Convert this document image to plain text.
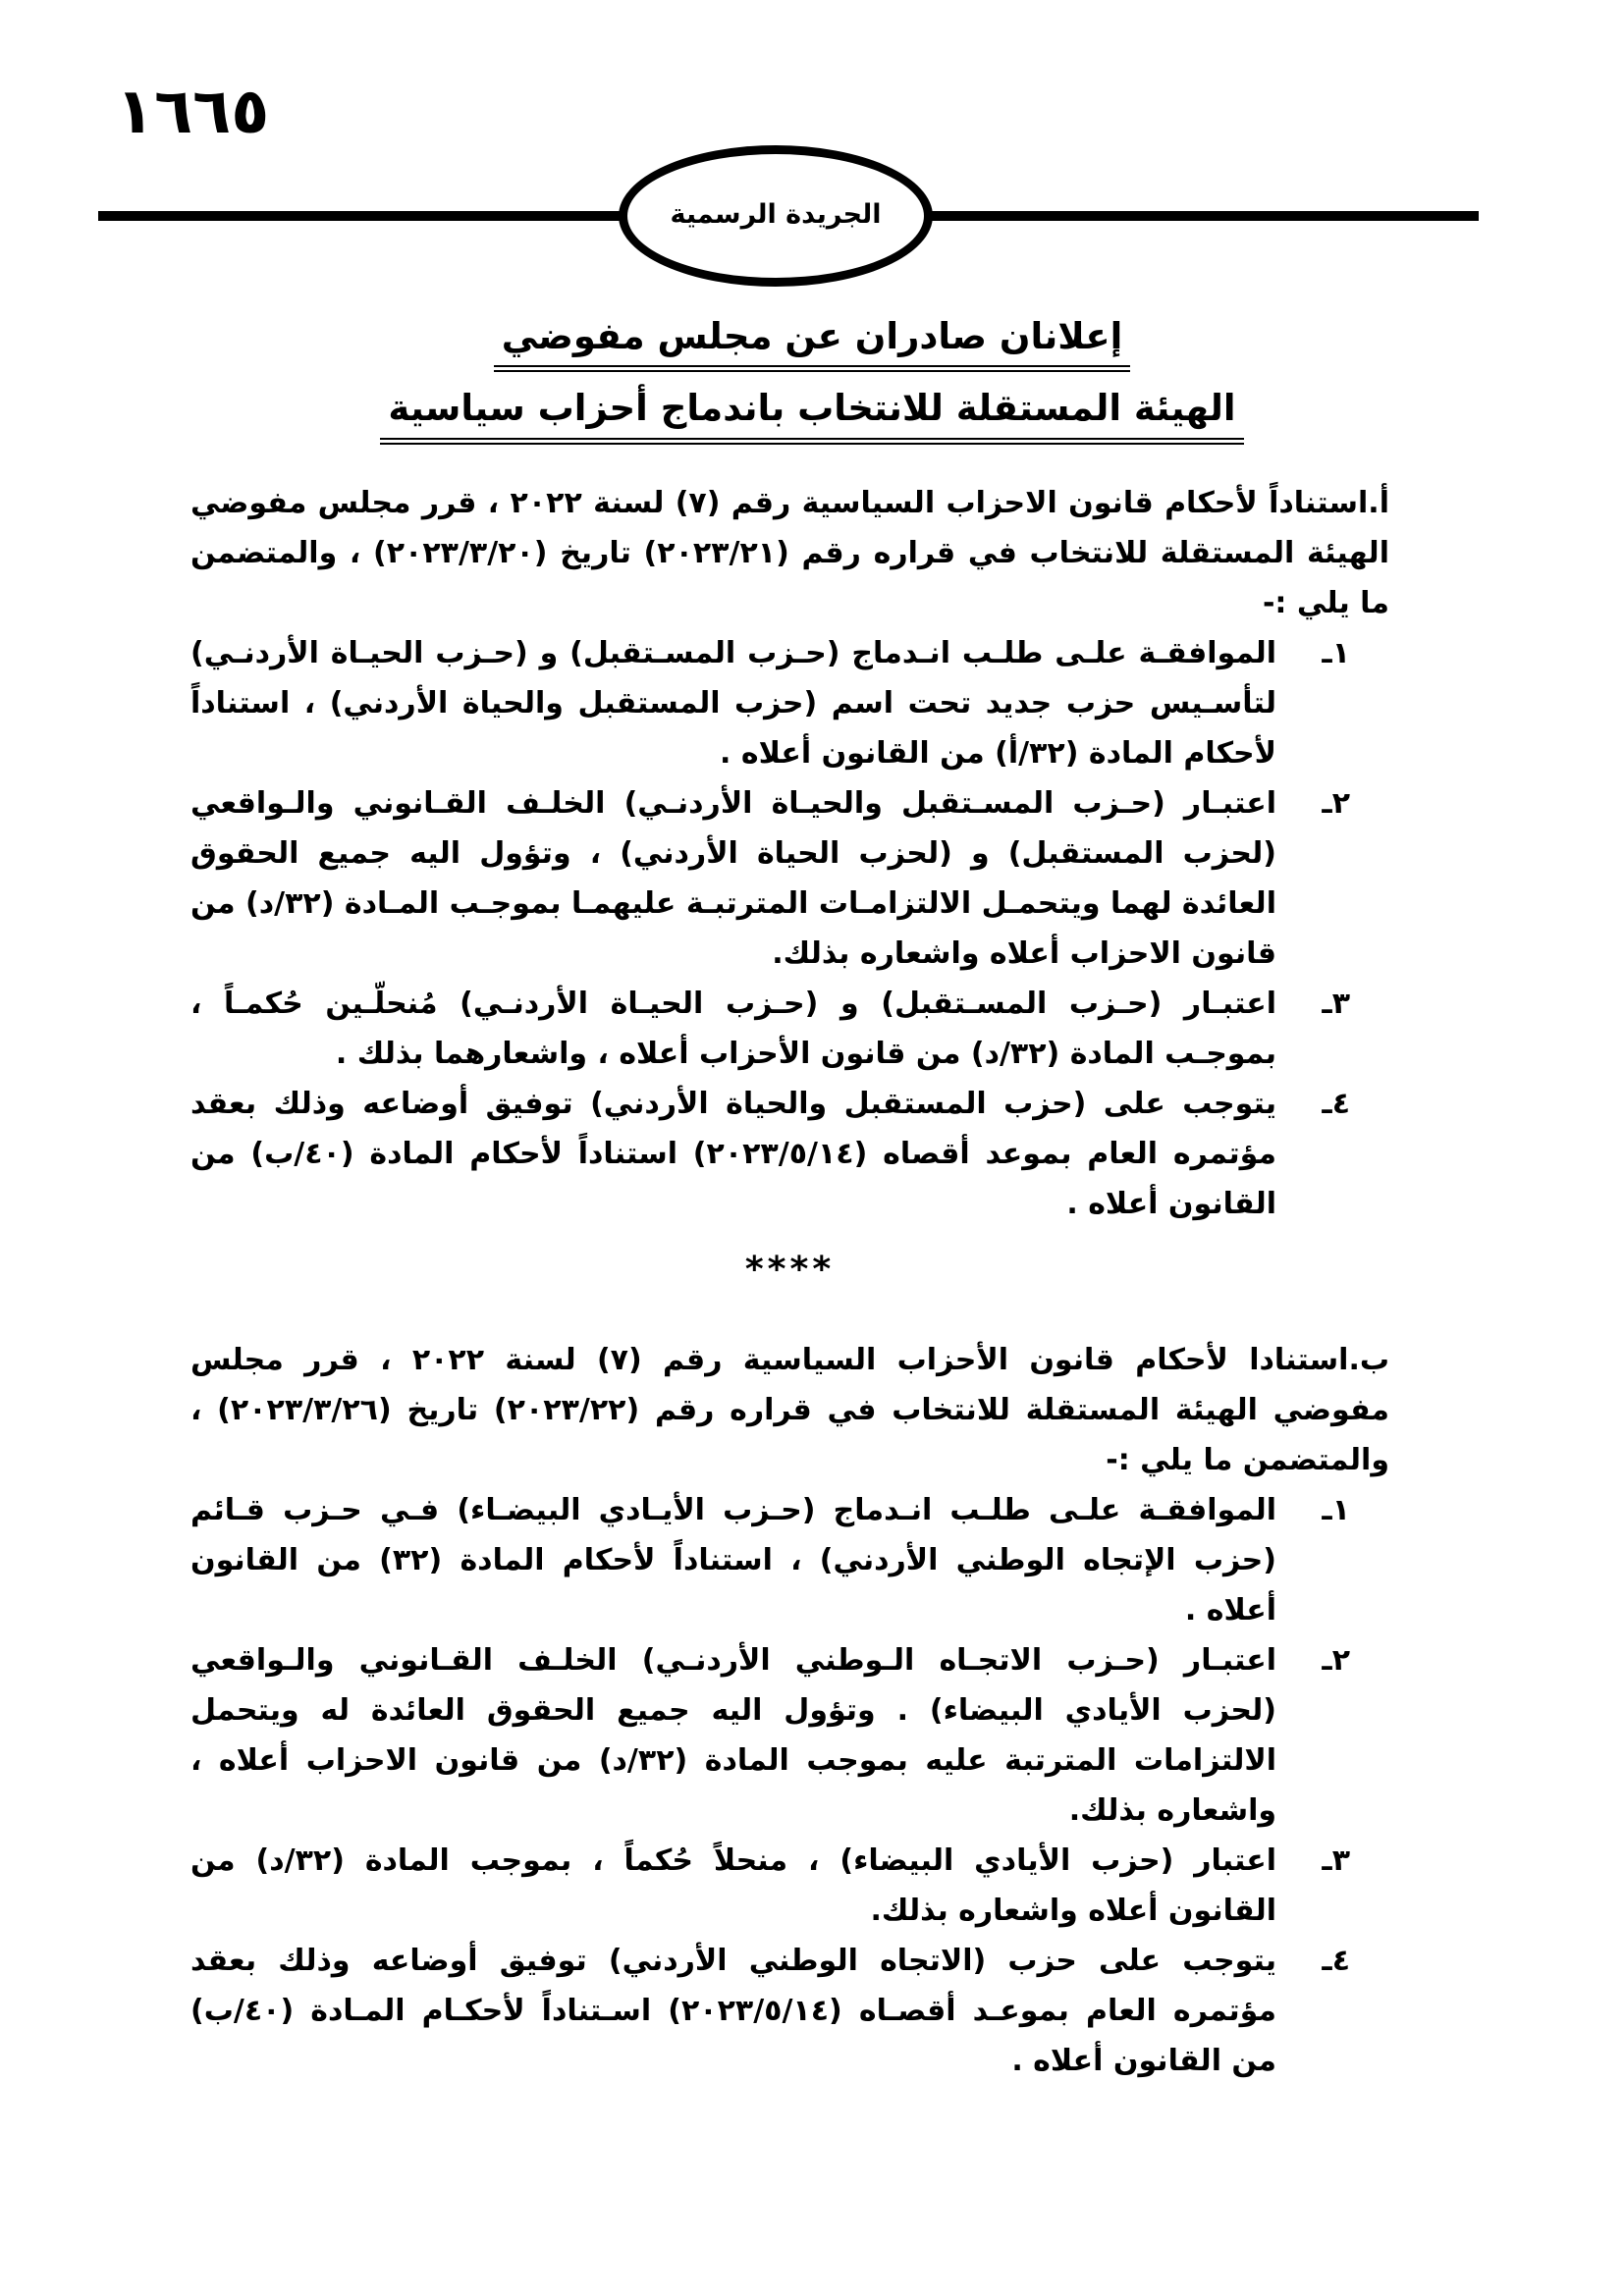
١٦٦٥
الجريدة الرسمية
إعلانان صادران عن مجلس مفوضي
الهيئة المستقلة للانتخاب باندماج أحزاب سياسية

أ.استناداً لأحكام قانون الاحزاب السياسية رقم (٧) لسنة ٢٠٢٢ ، قرر مجلس مفوضي الهيئة المستقلة للانتخاب في قراره رقم (٢٠٢٣/٢١) تاريخ (٢٠٢٣/٣/٢٠) ، والمتضمن ما يلي :-

١ـالموافقـة علـى طلـب انـدماج (حـزب المسـتقبل) و (حـزب الحيـاة الأردنـي) لتأسـيس حزب جديد تحت اسم (حزب المستقبل والحياة الأردني) ، استناداً لأحكام المادة (٣٢/أ) من القانون أعلاه .

٢ـاعتبـار (حـزب المسـتقبل والحيـاة الأردنـي) الخلـف القـانوني والـواقعي (لحزب المستقبل) و (لحزب الحياة الأردني) ، وتؤول اليه جميع الحقوق العائدة لهما ويتحمـل الالتزامـات المترتبـة عليهمـا بموجـب المـادة (٣٢/د) من قانون الاحزاب أعلاه واشعاره بذلك.

٣ـاعتبـار (حـزب المسـتقبل) و (حـزب الحيـاة الأردنـي) مُنحلّـين حُكمـاً ، بموجـب المادة (٣٢/د) من قانون الأحزاب أعلاه ، واشعارهما بذلك .

٤ـيتوجب على (حزب المستقبل والحياة الأردني) توفيق أوضاعه وذلك بعقد مؤتمره العام بموعد أقصاه (٢٠٢٣/٥/١٤) استناداً لأحكام المادة (٤٠/ب) من القانون أعلاه .

****

ب.استنادا لأحكام قانون الأحزاب السياسية رقم (٧) لسنة ٢٠٢٢ ، قرر مجلس مفوضي الهيئة المستقلة للانتخاب في قراره رقم (٢٠٢٣/٢٢) تاريخ (٢٠٢٣/٣/٢٦) ، والمتضمن ما يلي :-

١ـالموافقـة علـى طلـب انـدماج (حـزب الأيـادي البيضـاء) فـي حـزب قـائم (حزب الإتجاه الوطني الأردني) ، استناداً لأحكام المادة (٣٢) من القانون أعلاه .

٢ـاعتبـار (حـزب الاتجـاه الـوطني الأردنـي) الخلـف القـانوني والـواقعي (لحزب الأيادي البيضاء) . وتؤول اليه جميع الحقوق العائدة له ويتحمل الالتزامات المترتبة عليه بموجب المادة (٣٢/د) من قانون الاحزاب أعلاه ، واشعاره بذلك.

٣ـاعتبار (حزب الأيادي البيضاء) ، منحلاً حُكماً ، بموجب المادة (٣٢/د) من القانون أعلاه واشعاره بذلك.

٤ـيتوجب على حزب (الاتجاه الوطني الأردني) توفيق أوضاعه وذلك بعقد مؤتمره العام بموعـد أقصـاه (٢٠٢٣/٥/١٤) اسـتناداً لأحكـام المـادة (٤٠/ب) من القانون أعلاه .
